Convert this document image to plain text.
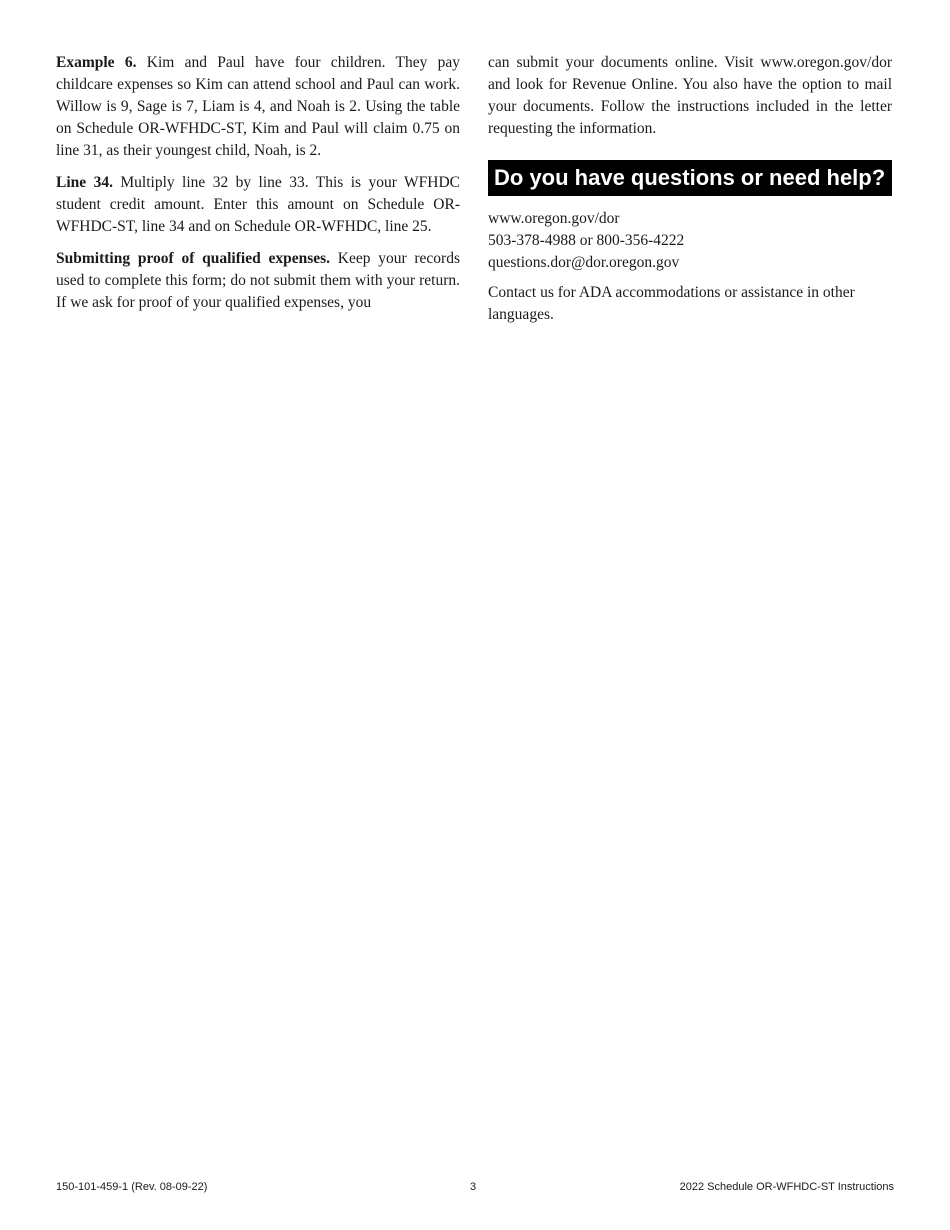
Example 6. Kim and Paul have four children. They pay childcare expenses so Kim can attend school and Paul can work. Willow is 9, Sage is 7, Liam is 4, and Noah is 2. Using the table on Schedule OR-WFHDC-ST, Kim and Paul will claim 0.75 on line 31, as their youngest child, Noah, is 2.

Line 34. Multiply line 32 by line 33. This is your WFHDC student credit amount. Enter this amount on Schedule OR-WFHDC-ST, line 34 and on Schedule OR-WFHDC, line 25.

Submitting proof of qualified expenses. Keep your records used to complete this form; do not submit them with your return. If we ask for proof of your qualified expenses, you

can submit your documents online. Visit www.oregon.gov/dor and look for Revenue Online. You also have the option to mail your documents. Follow the instructions included in the letter requesting the information.

Do you have questions or need help?
www.oregon.gov/dor
503-378-4988 or 800-356-4222
questions.dor@dor.oregon.gov

Contact us for ADA accommodations or assistance in other languages.

150-101-459-1 (Rev. 08-09-22)	3	2022 Schedule OR-WFHDC-ST Instructions
